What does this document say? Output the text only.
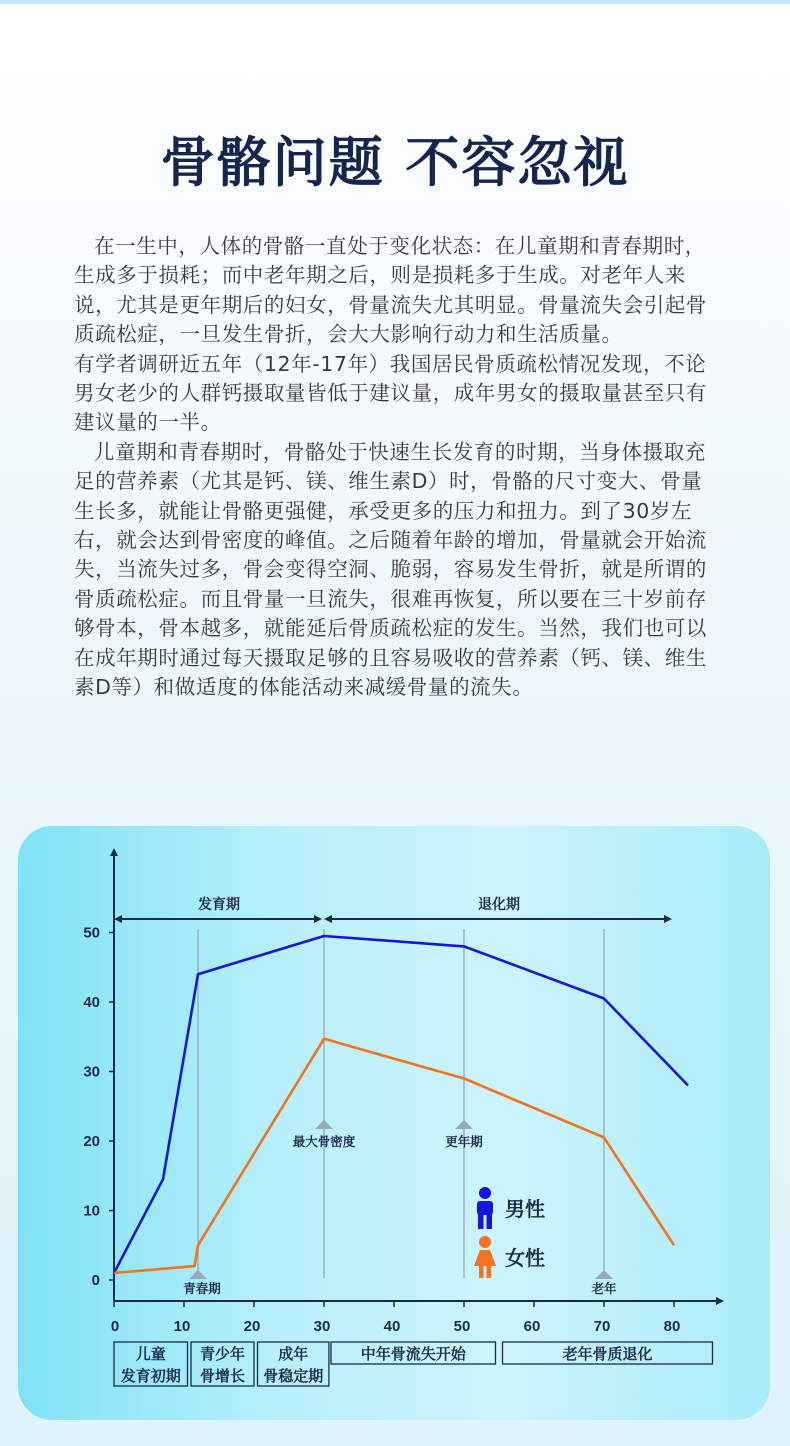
骨骼问题 不容忽视

在一生中，人体的骨骼一直处于变化状态：在儿童期和青春期时，生成多于损耗；而中老年期之后，则是损耗多于生成。对老年人来说，尤其是更年期后的妇女，骨量流失尤其明显。骨量流失会引起骨质疏松症，一旦发生骨折，会大大影响行动力和生活质量。

有学者调研近五年（12年-17年）我国居民骨质疏松情况发现，不论男女老少的人群钙摄取量皆低于建议量，成年男女的摄取量甚至只有建议量的一半。

儿童期和青春期时，骨骼处于快速生长发育的时期，当身体摄取充足的营养素（尤其是钙、镁、维生素D）时，骨骼的尺寸变大、骨量生长多，就能让骨骼更强健，承受更多的压力和扭力。到了30岁左右，就会达到骨密度的峰值。之后随着年龄的增加，骨量就会开始流失，当流失过多，骨会变得空洞、脆弱，容易发生骨折，就是所谓的骨质疏松症。而且骨量一旦流失，很难再恢复，所以要在三十岁前存够骨本，骨本越多，就能延后骨质疏松症的发生。当然，我们也可以在成年期时通过每天摄取足够的且容易吸收的营养素（钙、镁、维生素D等）和做适度的体能活动来减缓骨量的流失。

0
10
20
30
40
50
0	10	20	30	40	50	60	70	80
发育期	退化期
青春期
最大骨密度	更年期
老年
男性
女性
儿童
发育初期
青少年
骨增长
成年
骨稳定期
中年骨流失开始	老年骨质退化
